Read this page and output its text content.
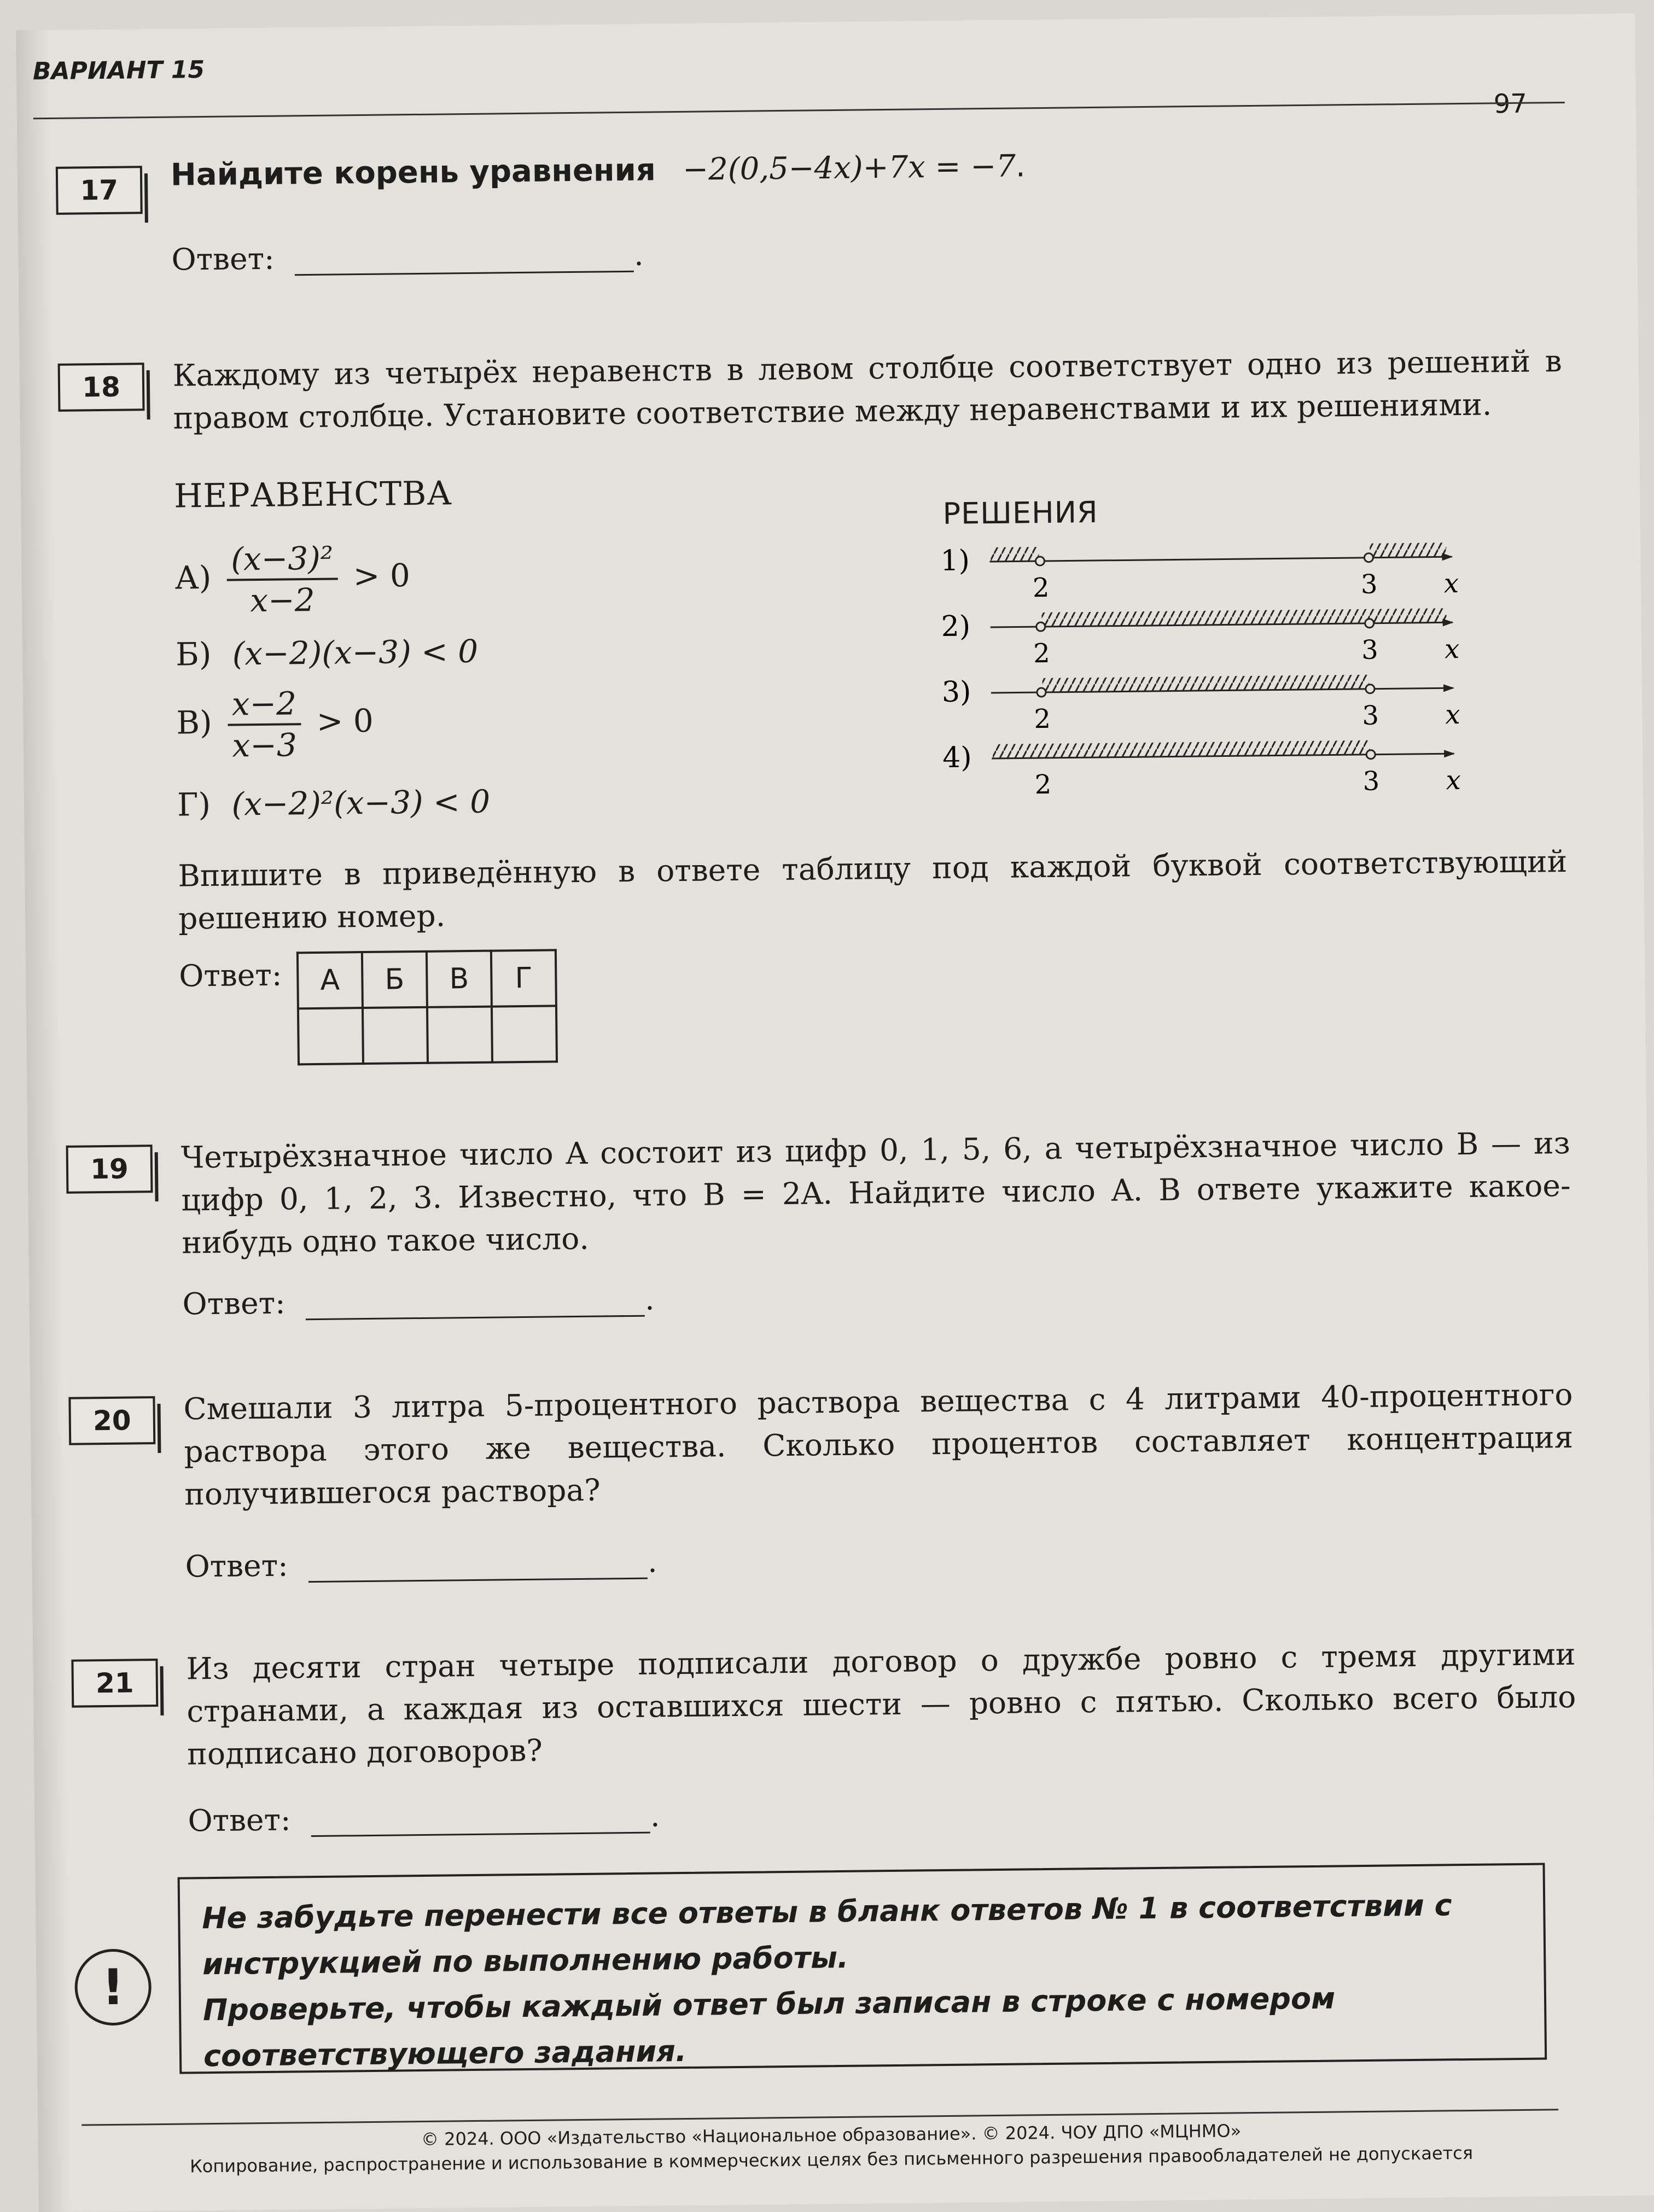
ВАРИАНТ 15
97
17	Найдите корень уравнения −2(0,5−4x)+7x = −7.
Ответ:	.
18	Каждому из четырёх неравенств в левом столбце соответствует одно из решений в правом столбце. Установите соответствие между неравенствами и их решениями.
НЕРАВЕНСТВА
$А) \frac{\text{(x−3)²}}{x-2} > 0$
Б) (x−2)(x−3) < 0
$В) \frac{x-2}{x-3} > 0$
Г) (x−2)²(x−3) < 0
РЕШЕНИЯ
1)
2	3	x
2)
2	3	x
3)
2	3	x
4)
2	3	x
Впишите в приведённую в ответе таблицу под каждой буквой соответствующий решению номер.
Ответ: А	Б	В	Г

19	Четырёхзначное число A состоит из цифр 0, 1, 5, 6, а четырёхзначное число B — из цифр 0, 1, 2, 3. Известно, что B = 2A. Найдите число A. В ответе укажите какое-нибудь одно такое число.
Ответ:	.
20	Смешали 3 литра 5-процентного раствора вещества с 4 литрами 40-процентного раствора этого же вещества. Сколько процентов составляет концентрация получившегося раствора?
Ответ:	.
21	Из десяти стран четыре подписали договор о дружбе ровно с тремя другими странами, а каждая из оставшихся шести — ровно с пятью. Сколько всего было подписано договоров?
Ответ:	.
!
Не забудьте перенести все ответы в бланк ответов № 1 в соответствии с инструкцией по выполнению работы.
Проверьте, чтобы каждый ответ был записан в строке с номером соответствующего задания.
© 2024. ООО «Издательство «Национальное образование». © 2024. ЧОУ ДПО «МЦНМО»
Копирование, распространение и использование в коммерческих целях без письменного разрешения правообладателей не допускается
